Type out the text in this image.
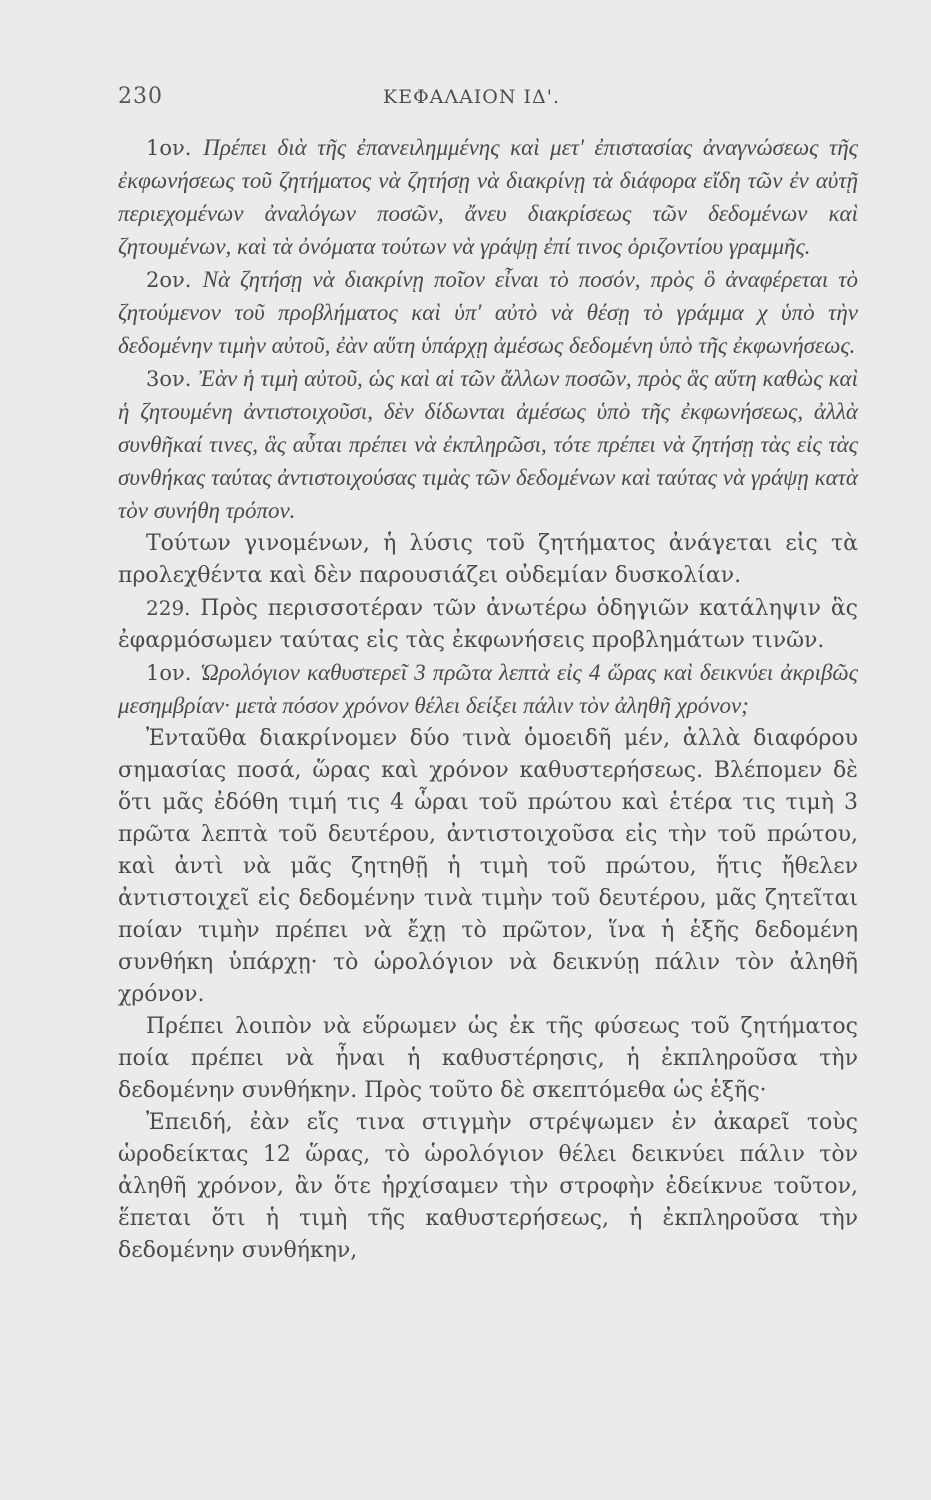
230	ΚΕΦΑΛΑΙΟΝ ΙΔ'.

1ον. Πρέπει διὰ τῆς ἐπανειλημμένης καὶ μετ' ἐπιστασίας ἀναγνώσεως τῆς ἐκφωνήσεως τοῦ ζητήματος νὰ ζητήσῃ νὰ διακρίνῃ τὰ διάφορα εἴδη τῶν ἐν αὐτῇ περιεχομένων ἀναλόγων ποσῶν, ἄνευ διακρίσεως τῶν δεδομένων καὶ ζητουμένων, καὶ τὰ ὀνόματα τούτων νὰ γράψῃ ἐπί τινος ὁριζοντίου γραμμῆς.

2ον. Νὰ ζητήσῃ νὰ διακρίνῃ ποῖον εἶναι τὸ ποσόν, πρὸς ὃ ἀναφέρεται τὸ ζητούμενον τοῦ προβλήματος καὶ ὑπ' αὐτὸ νὰ θέσῃ τὸ γράμμα χ ὑπὸ τὴν δεδομένην τιμὴν αὐτοῦ, ἐὰν αὕτη ὑπάρχῃ ἀμέσως δεδομένη ὑπὸ τῆς ἐκφωνήσεως.

3ον. Ἐὰν ἡ τιμὴ αὐτοῦ, ὡς καὶ αἱ τῶν ἄλλων ποσῶν, πρὸς ἃς αὕτη καθὼς καὶ ἡ ζητουμένη ἀντιστοιχοῦσι, δὲν δίδωνται ἀμέσως ὑπὸ τῆς ἐκφωνήσεως, ἀλλὰ συνθῆκαί τινες, ἃς αὗται πρέπει νὰ ἐκπληρῶσι, τότε πρέπει νὰ ζητήσῃ τὰς εἰς τὰς συνθήκας ταύτας ἀντιστοιχούσας τιμὰς τῶν δεδομένων καὶ ταύτας νὰ γράψῃ κατὰ τὸν συνήθη τρόπον.

Τούτων γινομένων, ἡ λύσις τοῦ ζητήματος ἀνάγεται εἰς τὰ προλεχθέντα καὶ δὲν παρουσιάζει οὐδεμίαν δυσκολίαν.

229. Πρὸς περισσοτέραν τῶν ἀνωτέρω ὁδηγιῶν κατάληψιν ἃς ἐφαρμόσωμεν ταύτας εἰς τὰς ἐκφωνήσεις προβλημάτων τινῶν.

1ον. Ὡρολόγιον καθυστερεῖ 3 πρῶτα λεπτὰ εἰς 4 ὥρας καὶ δεικνύει ἀκριβῶς μεσημβρίαν· μετὰ πόσον χρόνον θέλει δείξει πάλιν τὸν ἀληθῆ χρόνον;

Ἐνταῦθα διακρίνομεν δύο τινὰ ὁμοειδῆ μέν, ἀλλὰ διαφόρου σημασίας ποσά, ὥρας καὶ χρόνον καθυστερήσεως. Βλέπομεν δὲ ὅτι μᾶς ἐδόθη τιμή τις 4 ὧραι τοῦ πρώτου καὶ ἑτέρα τις τιμὴ 3 πρῶτα λεπτὰ τοῦ δευτέρου, ἀντιστοιχοῦσα εἰς τὴν τοῦ πρώτου, καὶ ἀντὶ νὰ μᾶς ζητηθῇ ἡ τιμὴ τοῦ πρώτου, ἥτις ἤθελεν ἀντιστοιχεῖ εἰς δεδομένην τινὰ τιμὴν τοῦ δευτέρου, μᾶς ζητεῖται ποίαν τιμὴν πρέπει νὰ ἔχῃ τὸ πρῶτον, ἵνα ἡ ἑξῆς δεδομένη συνθήκη ὑπάρχῃ· τὸ ὡρολόγιον νὰ δεικνύῃ πάλιν τὸν ἀληθῆ χρόνον.

Πρέπει λοιπὸν νὰ εὕρωμεν ὡς ἐκ τῆς φύσεως τοῦ ζητήματος ποία πρέπει νὰ ἦναι ἡ καθυστέρησις, ἡ ἐκπληροῦσα τὴν δεδομένην συνθήκην. Πρὸς τοῦτο δὲ σκεπτόμεθα ὡς ἑξῆς·

Ἐπειδή, ἐὰν εἴς τινα στιγμὴν στρέψωμεν ἐν ἀκαρεῖ τοὺς ὡροδείκτας 12 ὥρας, τὸ ὡρολόγιον θέλει δεικνύει πάλιν τὸν ἀληθῆ χρόνον, ἂν ὅτε ἠρχίσαμεν τὴν στροφὴν ἐδείκνυε τοῦτον, ἕπεται ὅτι ἡ τιμὴ τῆς καθυστερήσεως, ἡ ἐκπληροῦσα τὴν δεδομένην συνθήκην,
